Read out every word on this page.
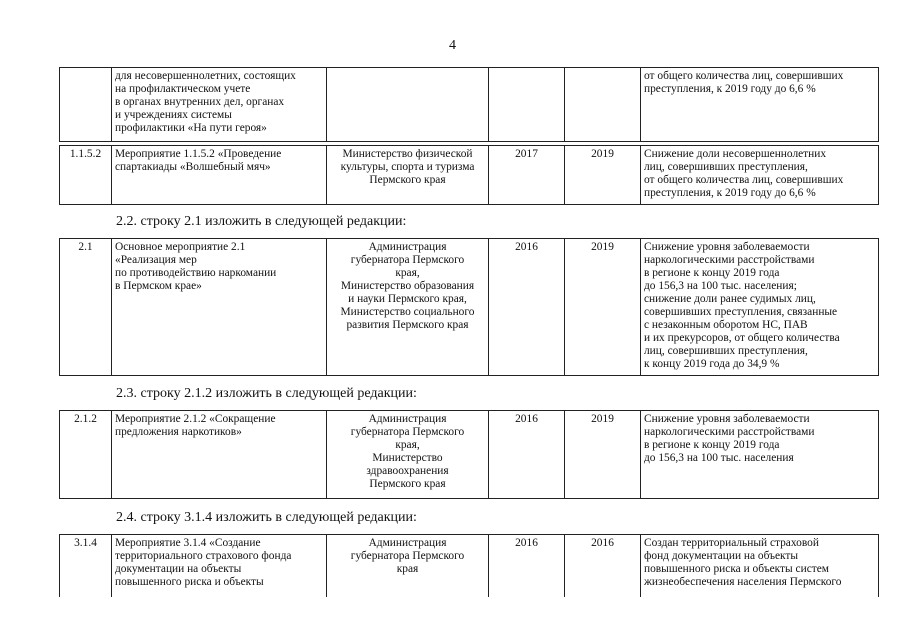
4
	для несовершеннолетних, состоящих
на профилактическом учете
в органах внутренних дел, органах
и учреждениях системы
профилактики «На пути героя»				от общего количества лиц, совершивших
преступления, к 2019 году до 6,6 %
1.1.5.2	Мероприятие 1.1.5.2 «Проведение
спартакиады «Волшебный мяч»	Министерство физической
культуры, спорта и туризма
Пермского края	2017	2019	Снижение доли несовершеннолетних
лиц, совершивших преступления,
от общего количества лиц, совершивших
преступления, к 2019 году до 6,6 %
2.2. строку 2.1 изложить в следующей редакции:
2.1	Основное мероприятие 2.1
«Реализация мер
по противодействию наркомании
в Пермском крае»	Администрация
губернатора Пермского
края,
Министерство образования
и науки Пермского края,
Министерство социального
развития Пермского края	2016	2019	Снижение уровня заболеваемости
наркологическими расстройствами
в регионе к концу 2019 года
до 156,3 на 100 тыс. населения;
снижение доли ранее судимых лиц,
совершивших преступления, связанные
с незаконным оборотом НС, ПАВ
и их прекурсоров, от общего количества
лиц, совершивших преступления,
к концу 2019 года до 34,9 %
2.3. строку 2.1.2 изложить в следующей редакции:
2.1.2	Мероприятие 2.1.2 «Сокращение
предложения наркотиков»	Администрация
губернатора Пермского
края,
Министерство
здравоохранения
Пермского края	2016	2019	Снижение уровня заболеваемости
наркологическими расстройствами
в регионе к концу 2019 года
до 156,3 на 100 тыс. населения
2.4. строку 3.1.4 изложить в следующей редакции:
3.1.4	Мероприятие 3.1.4 «Создание
территориального страхового фонда
документации на объекты
повышенного риска и объекты	Администрация
губернатора Пермского
края	2016	2016	Создан территориальный страховой
фонд документации на объекты
повышенного риска и объекты систем
жизнеобеспечения населения Пермского
